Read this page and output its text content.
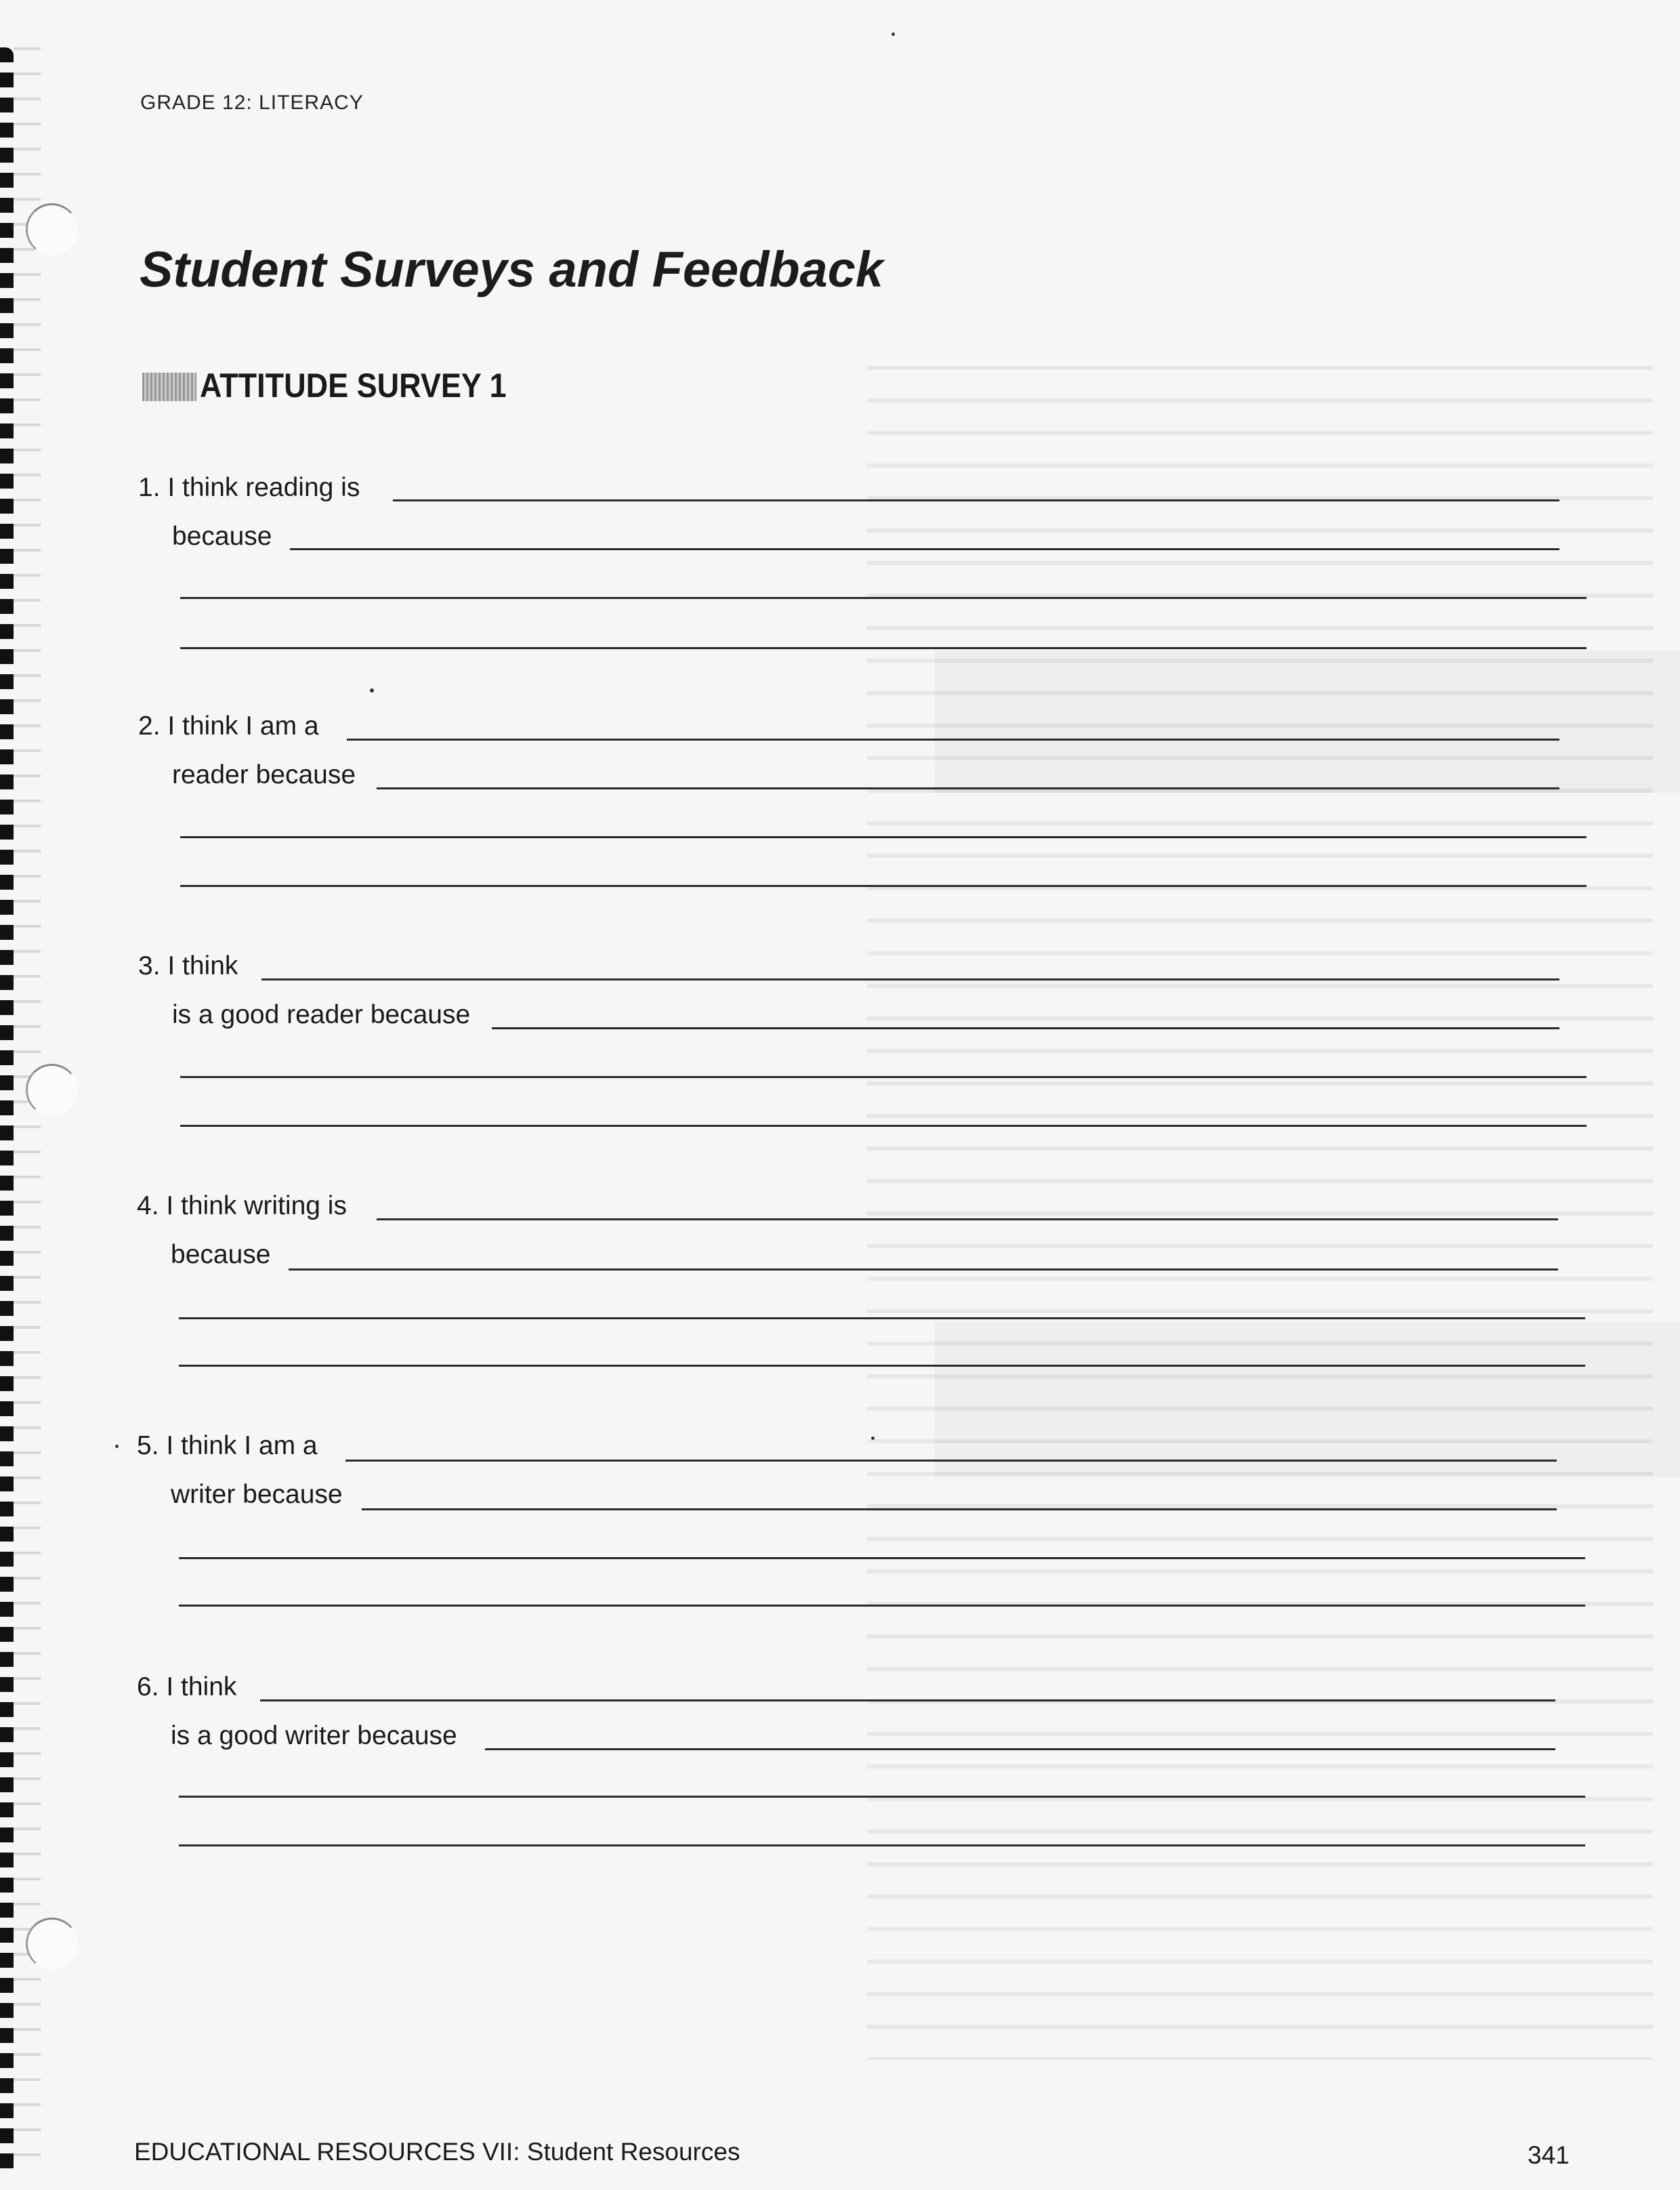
GRADE 12: LITERACY
Student Surveys and Feedback
ATTITUDE SURVEY 1
1. I think reading is
because
2. I think I am a
reader because
3. I think
is a good reader because
4. I think writing is
because
5. I think I am a
writer because
6. I think
is a good writer because
EDUCATIONAL RESOURCES VII: Student Resources	341
